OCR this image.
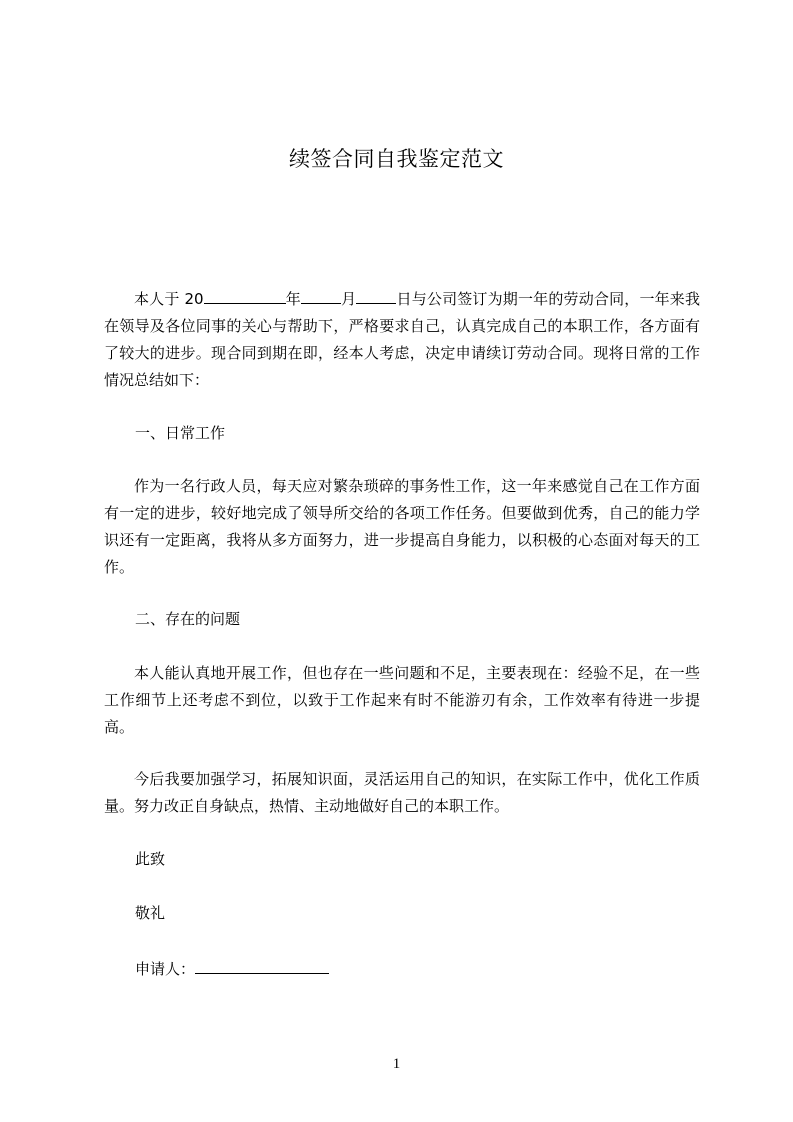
续签合同自我鉴定范文

本人于 20	年	月	日与公司签订为期一年的劳动合同，一年来我在领导及各位同事的关心与帮助下，严格要求自己，认真完成自己的本职工作，各方面有了较大的进步。现合同到期在即，经本人考虑，决定申请续订劳动合同。现将日常的工作情况总结如下：

一、日常工作

作为一名行政人员，每天应对繁杂琐碎的事务性工作，这一年来感觉自己在工作方面有一定的进步，较好地完成了领导所交给的各项工作任务。但要做到优秀，自己的能力学识还有一定距离，我将从多方面努力，进一步提高自身能力，以积极的心态面对每天的工作。

二、存在的问题

本人能认真地开展工作，但也存在一些问题和不足，主要表现在：经验不足，在一些工作细节上还考虑不到位，以致于工作起来有时不能游刃有余，工作效率有待进一步提高。

今后我要加强学习，拓展知识面，灵活运用自己的知识，在实际工作中，优化工作质量。努力改正自身缺点，热情、主动地做好自己的本职工作。

此致
敬礼
申请人：
1
